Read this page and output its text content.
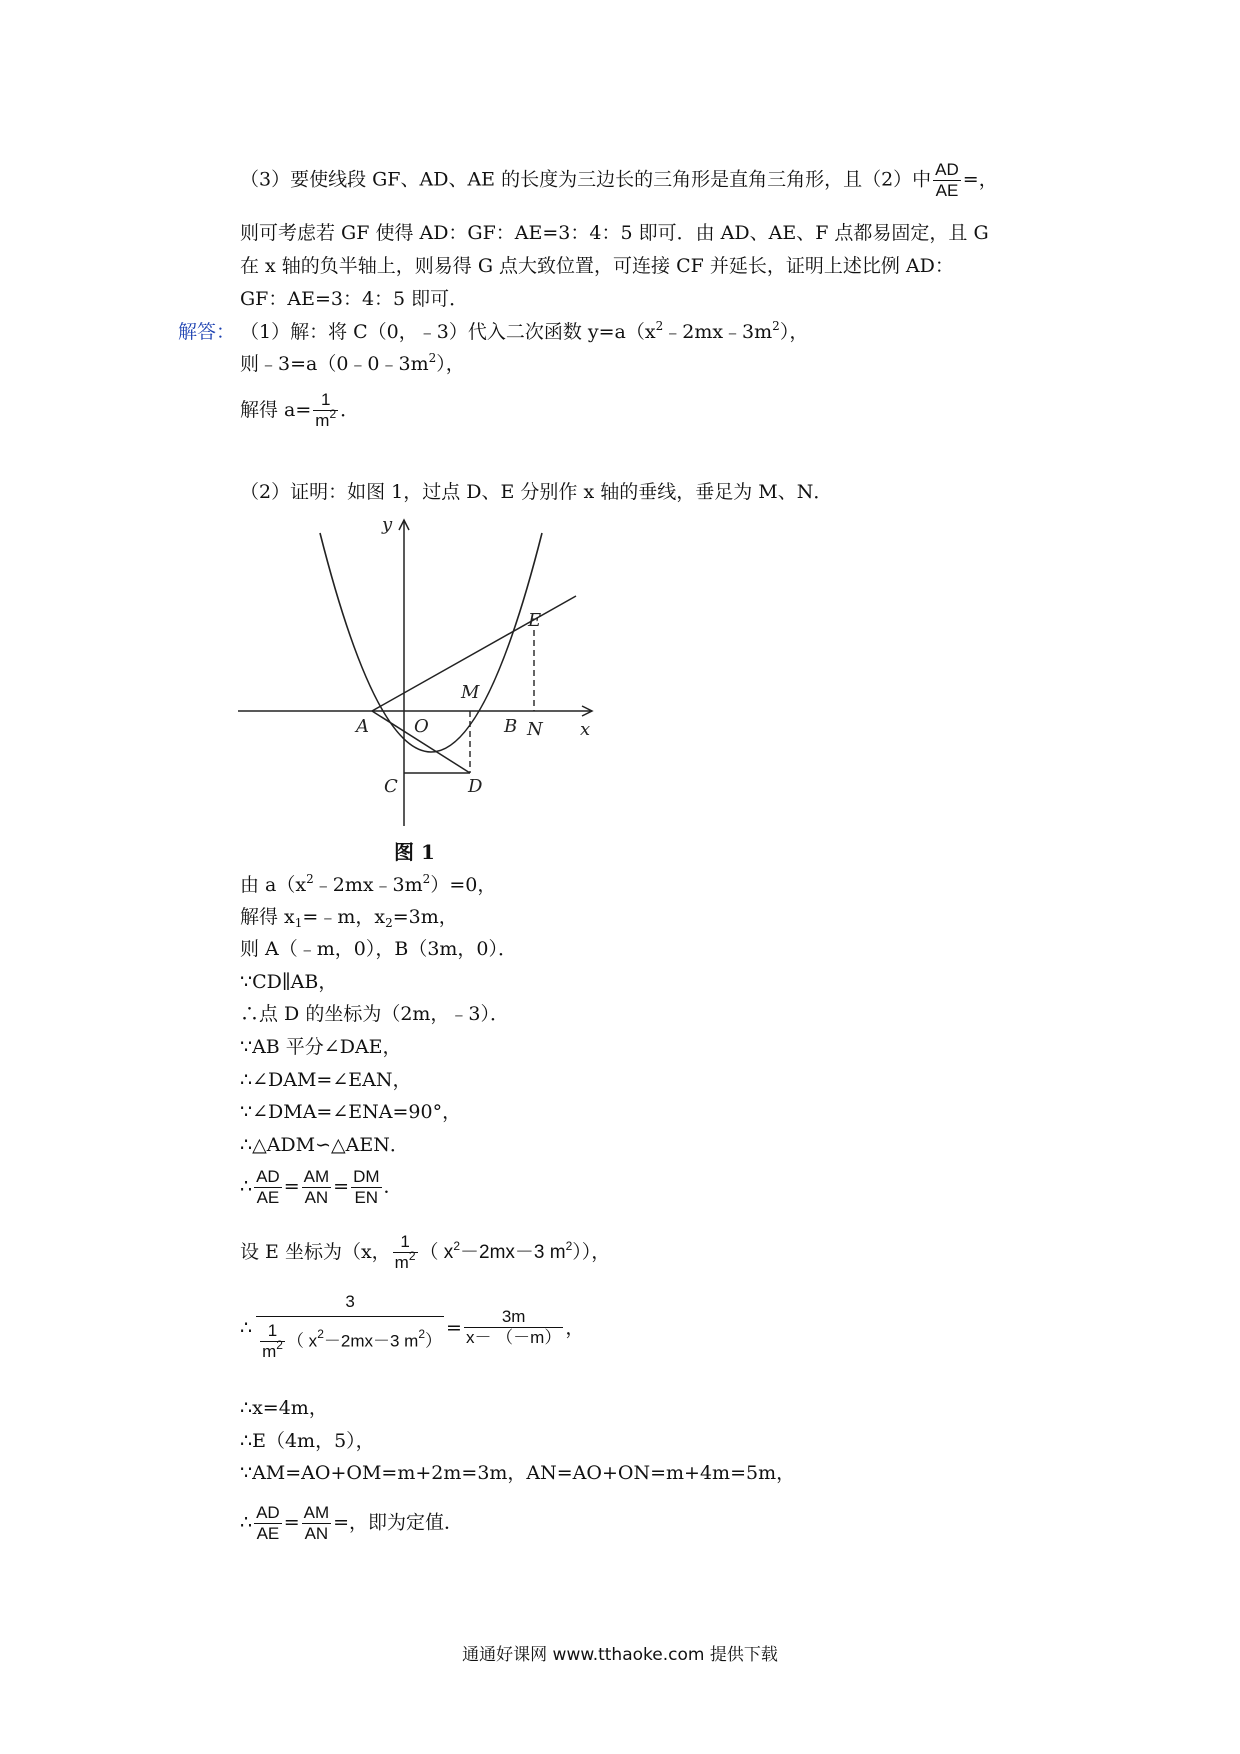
（3）要使线段 GF、AD、AE 的长度为三边长的三角形是直角三角形，且（2）中 $\frac{AD}{AE}$ =，
则可考虑若 GF 使得 AD：GF：AE=3：4：5 即可．由 AD、AE、F 点都易固定，且 G
在 x 轴的负半轴上，则易得 G 点大致位置，可连接 CF 并延长，证明上述比例 AD：
GF：AE=3：4：5 即可．
解答： （1）解：将 C（0，﹣3）代入二次函数 $y=a(x^2﹣2mx﹣3m^2)$，
则$﹣3=a(0﹣0﹣3m^2)$，
解得 $a= \frac{1}{m^2}$ ．
（2）证明：如图 1，过点 D、E 分别作 x 轴的垂线，垂足为 M、N．
y
x
A	O	B N
M
C	D
E
图 1
由 $a(x^2﹣2mx﹣3m^2)=0$，
解得 $x_1=﹣m$，$x_2=3m$，
则 A（﹣m，0），B（3m，0）．
∵CD∥AB，
∴点 D 的坐标为（2m，﹣3）．
∵AB 平分∠DAE，
∴∠DAM=∠EAN，
∵∠DMA=∠ENA=90°，
∴△ADM∽△AEN．
∴ $\frac{AD}{AE} = \frac{AM}{AN} = \frac{DM}{EN}$ ．
设 E 坐标为（x， $\frac{1}{m^2}$ （ $x^2-2mx-3$ $m^2$）），
∴ $\frac{3}{\frac{1}{m^2} ( x^2-2mx-3 m^2)} = \frac{3m}{x- (-m)}$ ，
∴x=4m，
∴E（4m，5），
∵AM=AO+OM=m+2m=3m，AN=AO+ON=m+4m=5m，
∴ $\frac{AD}{AE} = \frac{AM}{AN}$ =，即为定值．
通通好课网 www.tthaoke.com 提供下载
